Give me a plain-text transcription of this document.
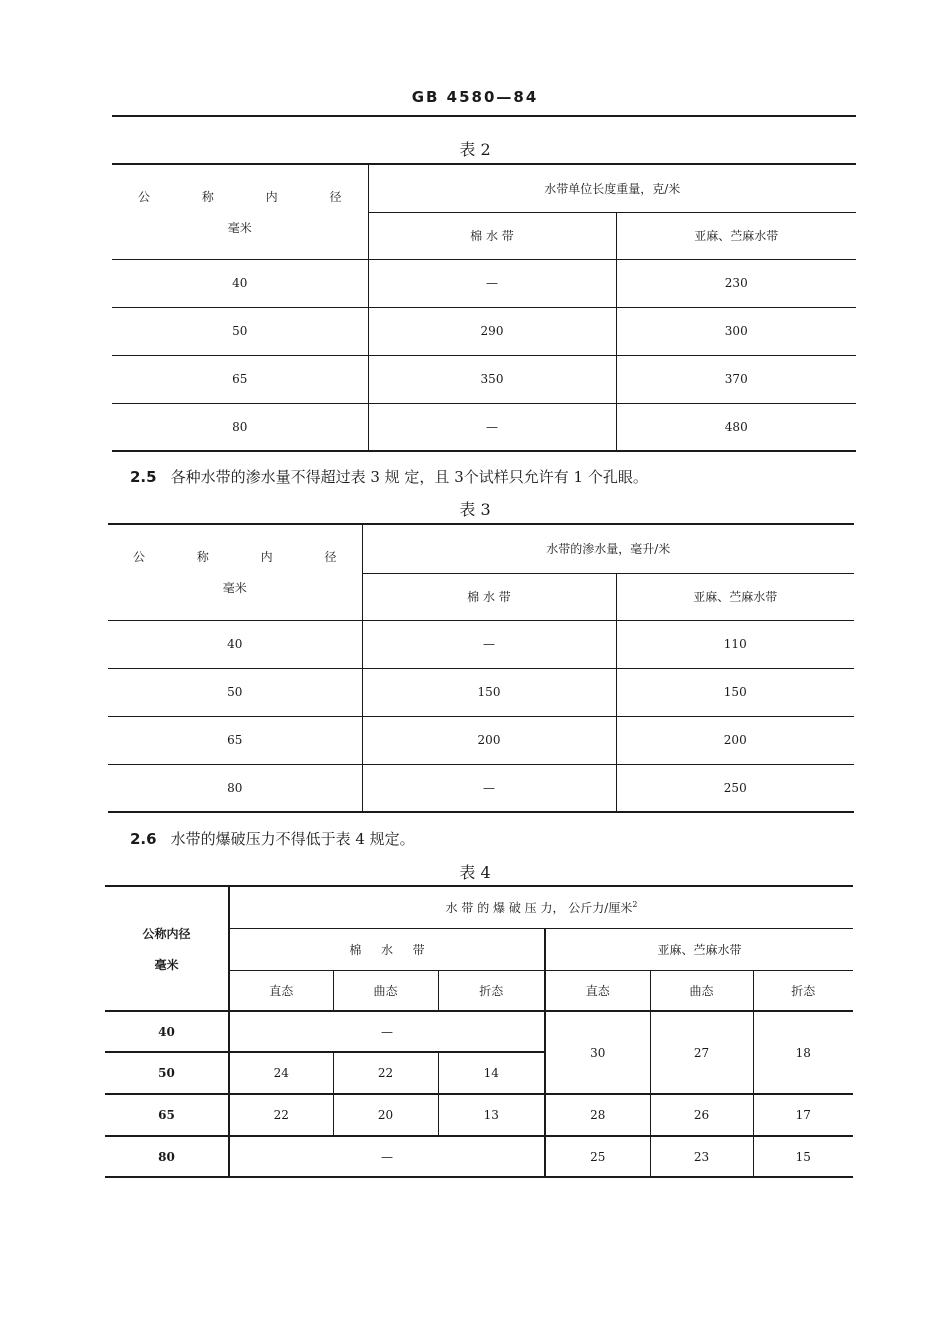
GB 4580—84
表 2
公 称 内 径
毫米	水带单位长度重量，克/米	
	棉 水 带	亚麻、苎麻水带
40	—	230
50	290	300
65	350	370
80	—	480
2.5 各种水带的渗水量不得超过表 3 规 定，且 3个试样只允许有 1 个孔眼。
表 3
公 称 内 径
毫米	水带的渗水量，毫升/米	
	棉 水 带	亚麻、苎麻水带
40	—	110
50	150	150
65	200	200
80	—	250
2.6 水带的爆破压力不得低于表 4 规定。
表 4
公称内径
毫米	水 带 的 爆 破 压 力， 公斤力/厘米$^2$
	棉 　 水 　 带			亚麻、苎麻水带		
	直态	曲态	折态	直态	曲态	折态
40	—			30	27	18
50	24	22	14			
65	22	20	13	28	26	17
80	—			25	23	15
